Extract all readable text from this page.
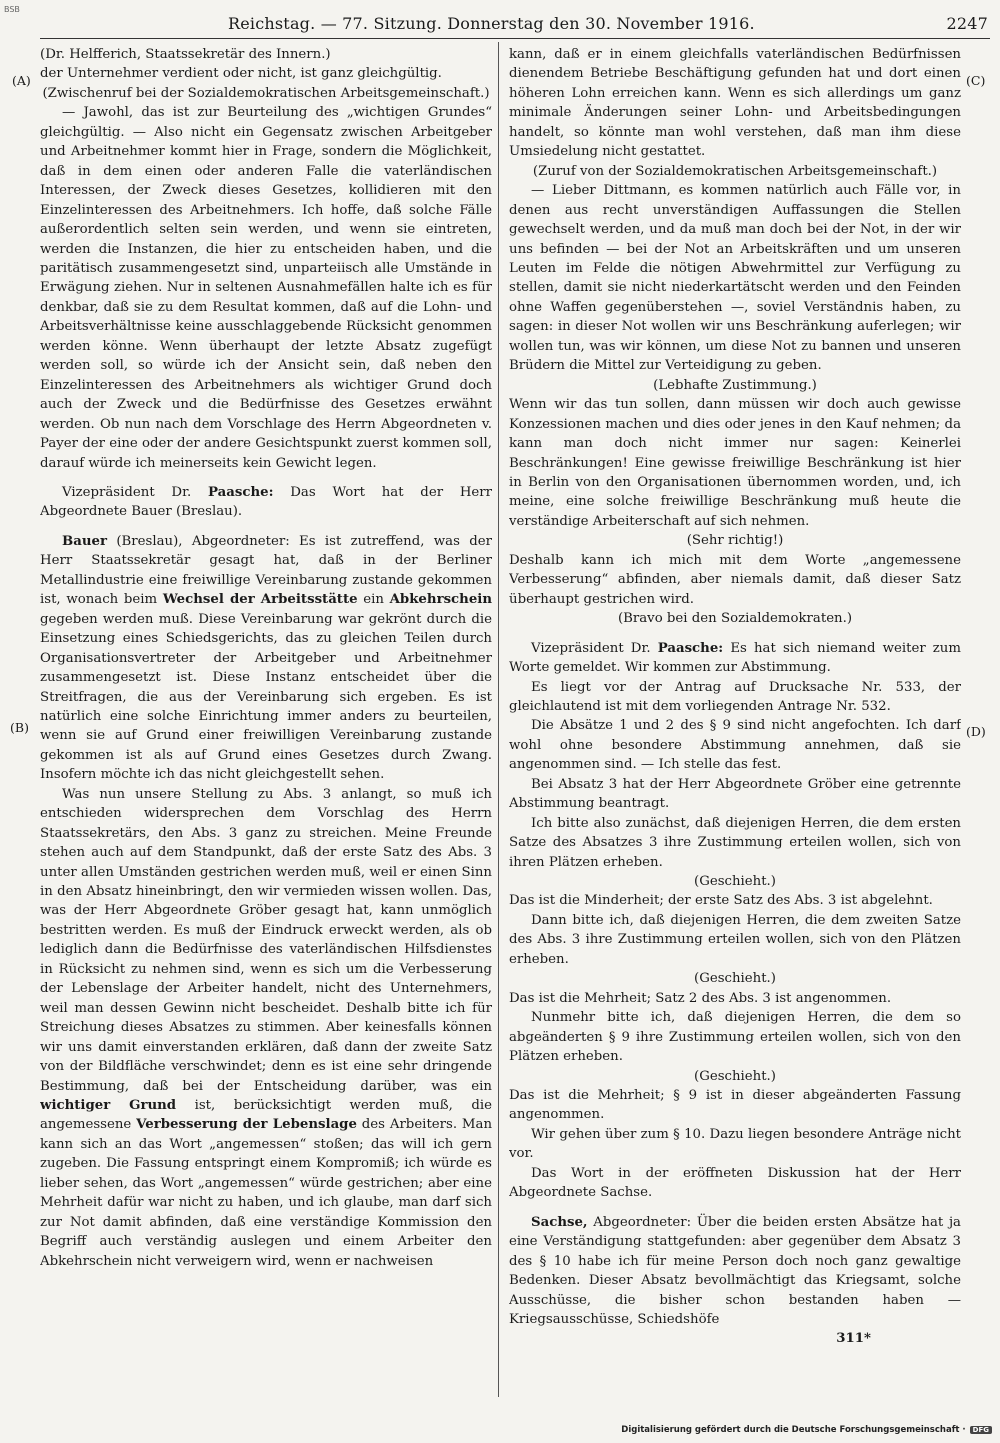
BSB
Reichstag. — 77. Sitzung. Donnerstag den 30. November 1916.	2247
(A)
(B)
(C)
(D)

(Dr. Helfferich, Staatssekretär des Innern.)

der Unternehmer verdient oder nicht, ist ganz gleichgültig.

(Zwischenruf bei der Sozialdemokratischen Arbeitsgemeinschaft.)

— Jawohl, das ist zur Beurteilung des „wichtigen Grundes“ gleichgültig. — Also nicht ein Gegensatz zwischen Arbeitgeber und Arbeitnehmer kommt hier in Frage, sondern die Möglichkeit, daß in dem einen oder anderen Falle die vaterländischen Interessen, der Zweck dieses Gesetzes, kollidieren mit den Einzelinteressen des Arbeitnehmers. Ich hoffe, daß solche Fälle außerordentlich selten sein werden, und wenn sie eintreten, werden die Instanzen, die hier zu entscheiden haben, und die paritätisch zusammengesetzt sind, unparteiisch alle Umstände in Erwägung ziehen. Nur in seltenen Ausnahmefällen halte ich es für denkbar, daß sie zu dem Resultat kommen, daß auf die Lohn- und Arbeitsverhältnisse keine ausschlaggebende Rücksicht genommen werden könne. Wenn überhaupt der letzte Absatz zugefügt werden soll, so würde ich der Ansicht sein, daß neben den Einzelinteressen des Arbeitnehmers als wichtiger Grund doch auch der Zweck und die Bedürfnisse des Gesetzes erwähnt werden. Ob nun nach dem Vorschlage des Herrn Abgeordneten v. Payer der eine oder der andere Gesichtspunkt zuerst kommen soll, darauf würde ich meinerseits kein Gewicht legen.

Vizepräsident Dr. Paasche: Das Wort hat der Herr Abgeordnete Bauer (Breslau).

Bauer (Breslau), Abgeordneter: Es ist zutreffend, was der Herr Staatssekretär gesagt hat, daß in der Berliner Metallindustrie eine freiwillige Vereinbarung zustande gekommen ist, wonach beim Wechsel der Arbeitsstätte ein Abkehrschein gegeben werden muß. Diese Vereinbarung war gekrönt durch die Einsetzung eines Schiedsgerichts, das zu gleichen Teilen durch Organisationsvertreter der Arbeitgeber und Arbeitnehmer zusammengesetzt ist. Diese Instanz entscheidet über die Streitfragen, die aus der Vereinbarung sich ergeben. Es ist natürlich eine solche Einrichtung immer anders zu beurteilen, wenn sie auf Grund einer freiwilligen Vereinbarung zustande gekommen ist als auf Grund eines Gesetzes durch Zwang. Insofern möchte ich das nicht gleichgestellt sehen.

Was nun unsere Stellung zu Abs. 3 anlangt, so muß ich entschieden widersprechen dem Vorschlag des Herrn Staatssekretärs, den Abs. 3 ganz zu streichen. Meine Freunde stehen auch auf dem Standpunkt, daß der erste Satz des Abs. 3 unter allen Umständen gestrichen werden muß, weil er einen Sinn in den Absatz hineinbringt, den wir vermieden wissen wollen. Das, was der Herr Abgeordnete Gröber gesagt hat, kann unmöglich bestritten werden. Es muß der Eindruck erweckt werden, als ob lediglich dann die Bedürfnisse des vaterländischen Hilfsdienstes in Rücksicht zu nehmen sind, wenn es sich um die Verbesserung der Lebenslage der Arbeiter handelt, nicht des Unternehmers, weil man dessen Gewinn nicht bescheidet. Deshalb bitte ich für Streichung dieses Absatzes zu stimmen. Aber keinesfalls können wir uns damit einverstanden erklären, daß dann der zweite Satz von der Bildfläche verschwindet; denn es ist eine sehr dringende Bestimmung, daß bei der Entscheidung darüber, was ein wichtiger Grund ist, berücksichtigt werden muß, die angemessene Verbesserung der Lebenslage des Arbeiters. Man kann sich an das Wort „angemessen“ stoßen; das will ich gern zugeben. Die Fassung entspringt einem Kompromiß; ich würde es lieber sehen, das Wort „angemessen“ würde gestrichen; aber eine Mehrheit dafür war nicht zu haben, und ich glaube, man darf sich zur Not damit abfinden, daß eine verständige Kommission den Begriff auch verständig auslegen und einem Arbeiter den Abkehrschein nicht verweigern wird, wenn er nachweisen

kann, daß er in einem gleichfalls vaterländischen Bedürfnissen dienendem Betriebe Beschäftigung gefunden hat und dort einen höheren Lohn erreichen kann. Wenn es sich allerdings um ganz minimale Änderungen seiner Lohn- und Arbeitsbedingungen handelt, so könnte man wohl verstehen, daß man ihm diese Umsiedelung nicht gestattet.

(Zuruf von der Sozialdemokratischen Arbeitsgemeinschaft.)

— Lieber Dittmann, es kommen natürlich auch Fälle vor, in denen aus recht unverständigen Auffassungen die Stellen gewechselt werden, und da muß man doch bei der Not, in der wir uns befinden — bei der Not an Arbeitskräften und um unseren Leuten im Felde die nötigen Abwehrmittel zur Verfügung zu stellen, damit sie nicht niederkartätscht werden und den Feinden ohne Waffen gegenüberstehen —, soviel Verständnis haben, zu sagen: in dieser Not wollen wir uns Beschränkung auferlegen; wir wollen tun, was wir können, um diese Not zu bannen und unseren Brüdern die Mittel zur Verteidigung zu geben.

(Lebhafte Zustimmung.)

Wenn wir das tun sollen, dann müssen wir doch auch gewisse Konzessionen machen und dies oder jenes in den Kauf nehmen; da kann man doch nicht immer nur sagen: Keinerlei Beschränkungen! Eine gewisse freiwillige Beschränkung ist hier in Berlin von den Organisationen übernommen worden, und, ich meine, eine solche freiwillige Beschränkung muß heute die verständige Arbeiterschaft auf sich nehmen.

(Sehr richtig!)

Deshalb kann ich mich mit dem Worte „angemessene Verbesserung“ abfinden, aber niemals damit, daß dieser Satz überhaupt gestrichen wird.

(Bravo bei den Sozialdemokraten.)

Vizepräsident Dr. Paasche: Es hat sich niemand weiter zum Worte gemeldet. Wir kommen zur Abstimmung.

Es liegt vor der Antrag auf Drucksache Nr. 533, der gleichlautend ist mit dem vorliegenden Antrage Nr. 532.

Die Absätze 1 und 2 des § 9 sind nicht angefochten. Ich darf wohl ohne besondere Abstimmung annehmen, daß sie angenommen sind. — Ich stelle das fest.

Bei Absatz 3 hat der Herr Abgeordnete Gröber eine getrennte Abstimmung beantragt.

Ich bitte also zunächst, daß diejenigen Herren, die dem ersten Satze des Absatzes 3 ihre Zustimmung erteilen wollen, sich von ihren Plätzen erheben.

(Geschieht.)

Das ist die Minderheit; der erste Satz des Abs. 3 ist abgelehnt.

Dann bitte ich, daß diejenigen Herren, die dem zweiten Satze des Abs. 3 ihre Zustimmung erteilen wollen, sich von den Plätzen erheben.

(Geschieht.)

Das ist die Mehrheit; Satz 2 des Abs. 3 ist angenommen.

Nunmehr bitte ich, daß diejenigen Herren, die dem so abgeänderten § 9 ihre Zustimmung erteilen wollen, sich von den Plätzen erheben.

(Geschieht.)

Das ist die Mehrheit; § 9 ist in dieser abgeänderten Fassung angenommen.

Wir gehen über zum § 10. Dazu liegen besondere Anträge nicht vor.

Das Wort in der eröffneten Diskussion hat der Herr Abgeordnete Sachse.

Sachse, Abgeordneter: Über die beiden ersten Absätze hat ja eine Verständigung stattgefunden: aber gegenüber dem Absatz 3 des § 10 habe ich für meine Person doch noch ganz gewaltige Bedenken. Dieser Absatz bevollmächtigt das Kriegsamt, solche Ausschüsse, die bisher schon bestanden haben — Kriegsausschüsse, Schiedshöfe

311*

Digitalisierung gefördert durch die Deutsche Forschungsgemeinschaft ·	DFG
